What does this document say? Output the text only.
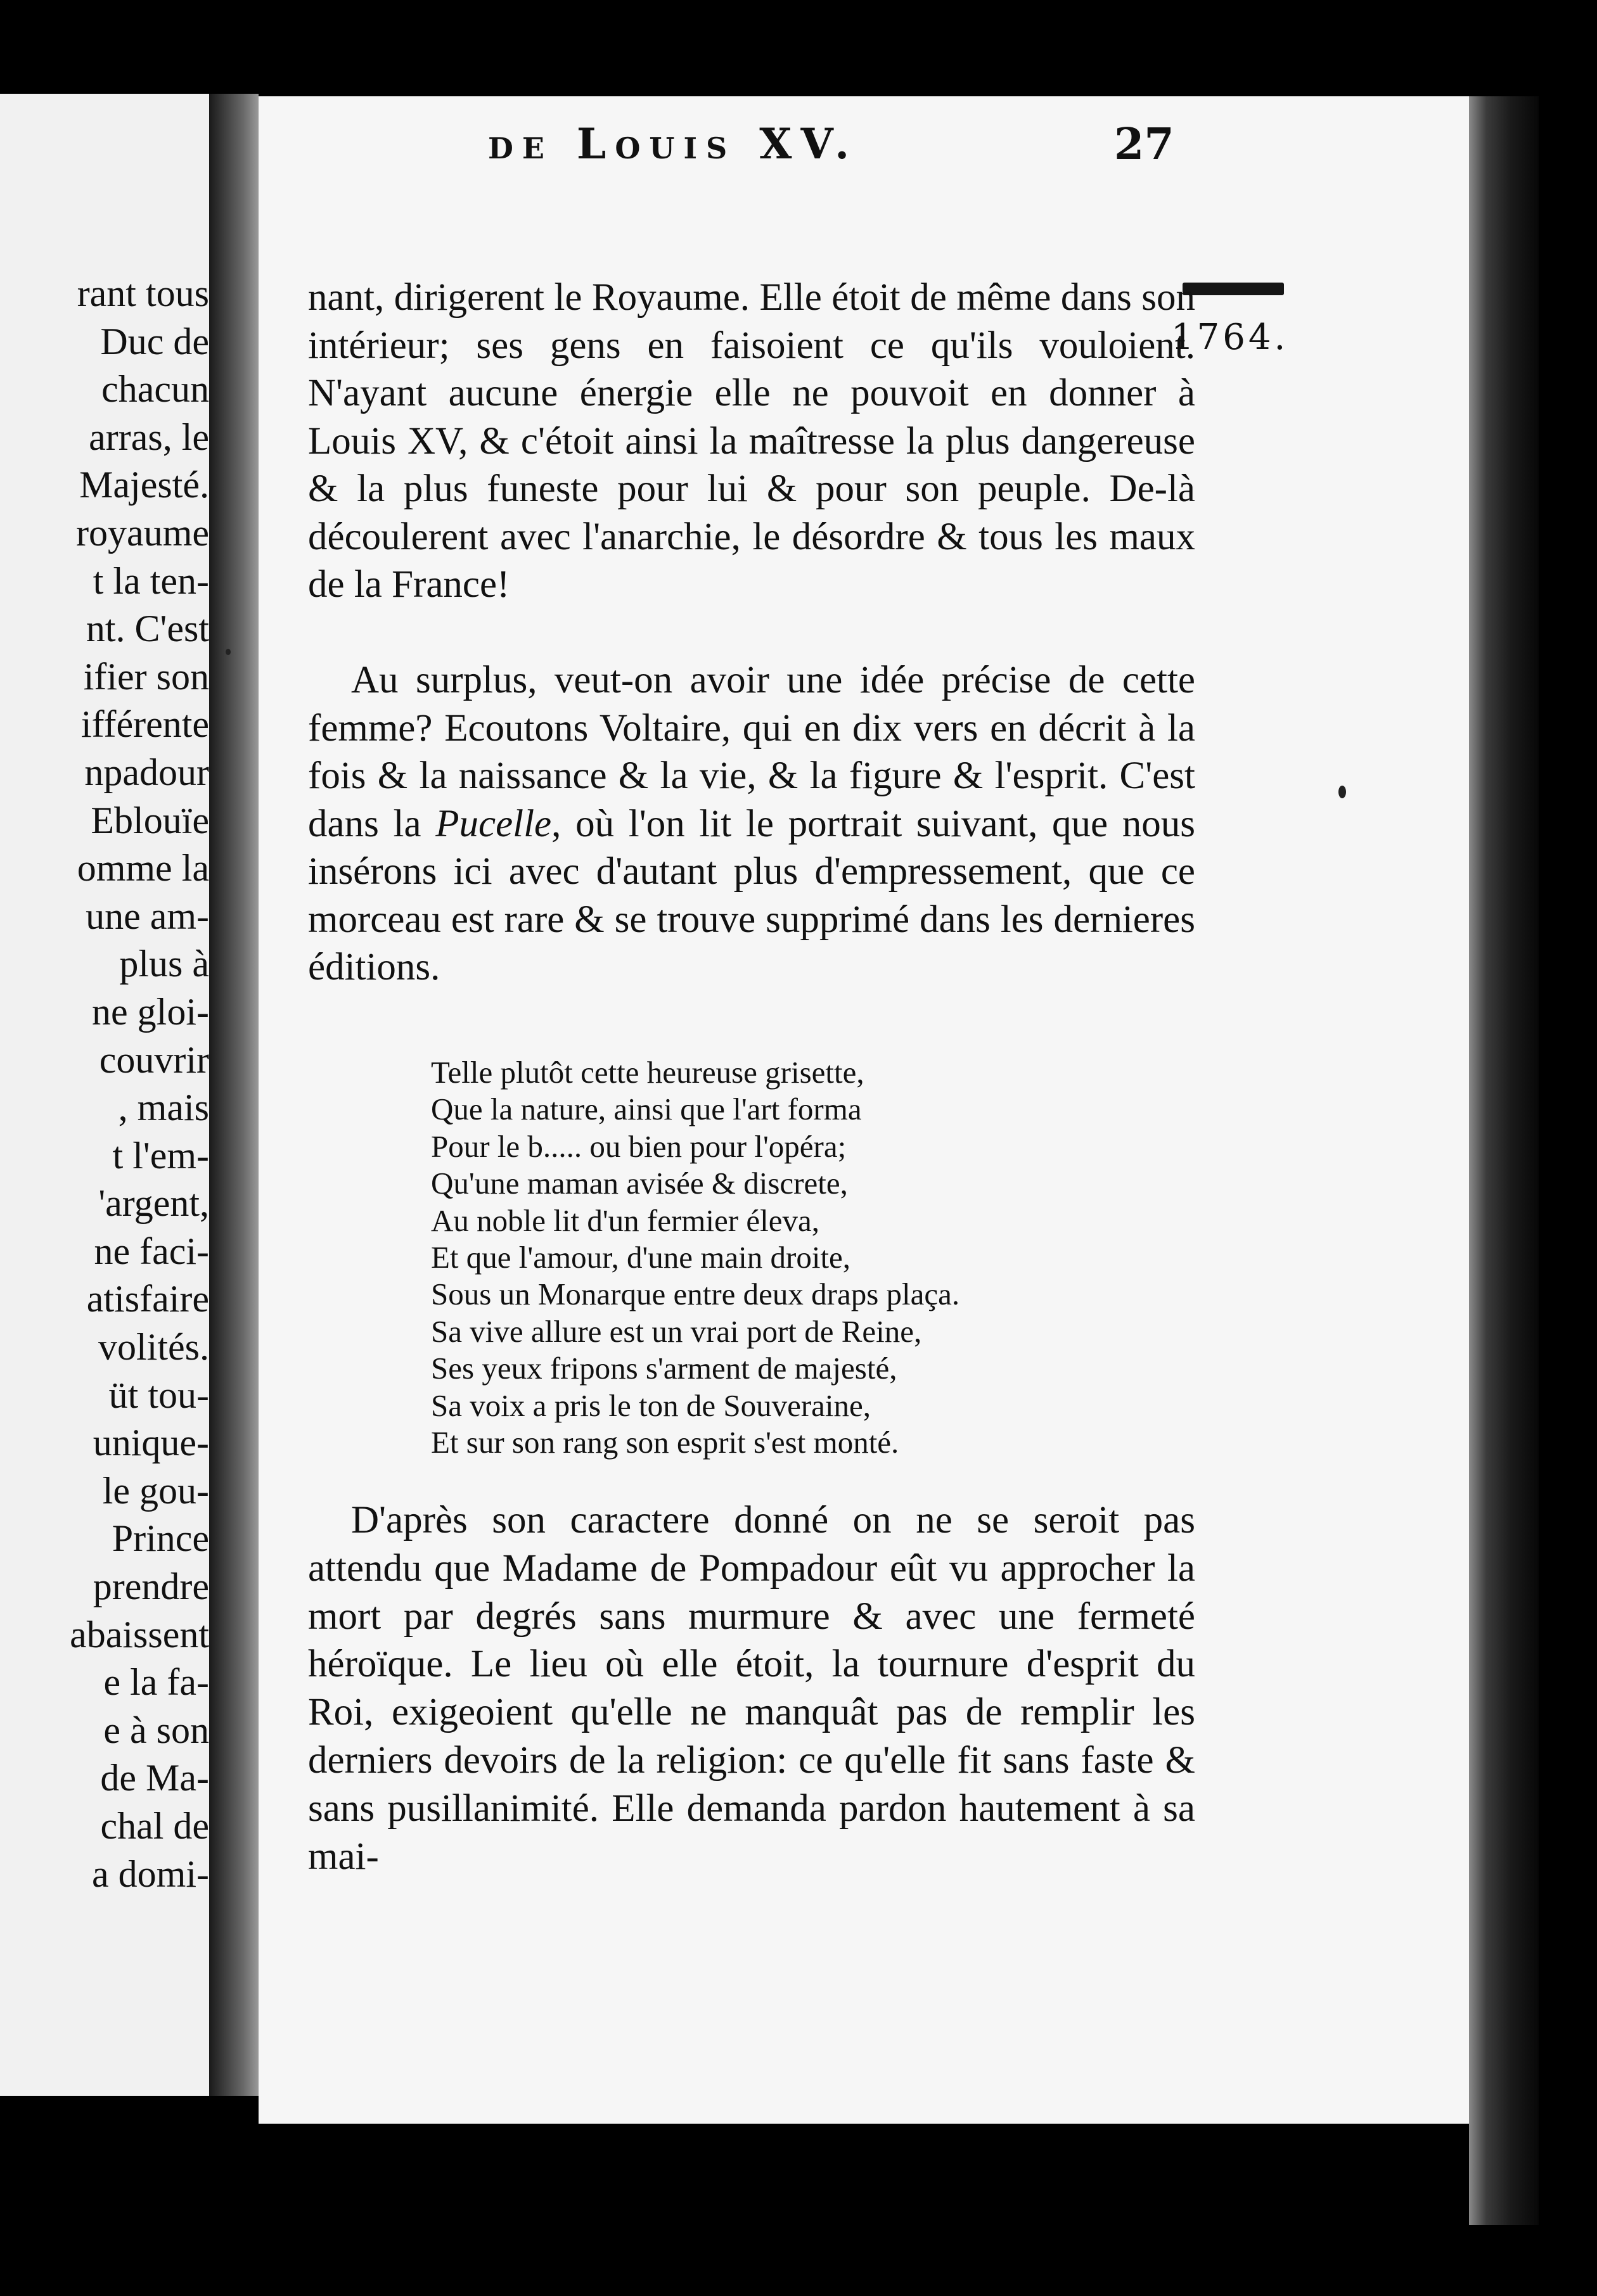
rant tous
Duc de
chacun
arras, le
Majesté.
royaume
t la ten-
nt. C'est
ifier son
ifférente
npadour
Eblouïe
omme la
une am-
plus à
ne gloi-
couvrir
, mais
t l'em-
'argent,
ne faci-
atisfaire
volités.
üt tou-
unique-
le gou-
Prince
prendre
abaissent
e la fa-
e à son
de Ma-
chal de
a domi-
de Louis XV.	27
1764.

nant, dirigerent le Royaume. Elle étoit de même dans son intérieur; ses gens en faisoient ce qu'ils vouloient. N'ayant aucune énergie elle ne pouvoit en donner à Louis XV, & c'étoit ainsi la maîtresse la plus dangereuse & la plus funeste pour lui & pour son peuple. De-là découlerent avec l'anarchie, le désordre & tous les maux de la France!

Au surplus, veut-on avoir une idée précise de cette femme? Ecoutons Voltaire, qui en dix vers en décrit à la fois & la naissance & la vie, & la figure & l'esprit. C'est dans la Pucelle, où l'on lit le portrait suivant, que nous insérons ici avec d'autant plus d'empressement, que ce morceau est rare & se trouve supprimé dans les dernieres éditions.

Telle plutôt cette heureuse grisette,
Que la nature, ainsi que l'art forma
Pour le b..... ou bien pour l'opéra;
Qu'une maman avisée & discrete,
Au noble lit d'un fermier éleva,
Et que l'amour, d'une main droite,
Sous un Monarque entre deux draps plaça.
Sa vive allure est un vrai port de Reine,
Ses yeux fripons s'arment de majesté,
Sa voix a pris le ton de Souveraine,
Et sur son rang son esprit s'est monté.

D'après son caractere donné on ne se seroit pas attendu que Madame de Pompadour eût vu approcher la mort par degrés sans murmure & avec une fermeté héroïque. Le lieu où elle étoit, la tournure d'esprit du Roi, exigeoient qu'elle ne manquât pas de remplir les derniers devoirs de la religion: ce qu'elle fit sans faste & sans pusillanimité. Elle demanda pardon hautement à sa mai-
